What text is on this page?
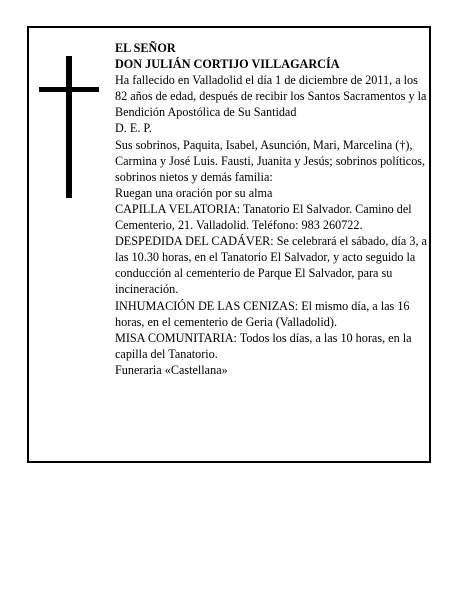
EL SEÑOR

DON JULIÁN CORTIJO VILLAGARCÍA

Ha fallecido en Valladolid el día 1 de diciembre de 2011, a los 82 años de edad, después de recibir los Santos Sacramentos y la Bendición Apostólica de Su Santidad

D. E. P.

Sus sobrinos, Paquita, Isabel, Asunción, Mari, Marcelina (†), Carmina y José Luis. Fausti, Juanita y Jesús; sobrinos políticos, sobrinos nietos y demás familia:

Ruegan una oración por su alma

CAPILLA VELATORIA: Tanatorio El Salvador. Camino del Cementerio, 21. Valladolid. Teléfono: 983 260722.

DESPEDIDA DEL CADÁVER: Se celebrará el sábado, día 3, a las 10.30 horas, en el Tanatorio El Salvador, y acto seguido la conducción al cementerio de Parque El Salvador, para su incineración.

INHUMACIÓN DE LAS CENIZAS: El mismo día, a las 16 horas, en el cementerio de Geria (Valladolid).

MISA COMUNITARIA: Todos los días, a las 10 horas, en la capilla del Tanatorio.

Funeraria «Castellana»
